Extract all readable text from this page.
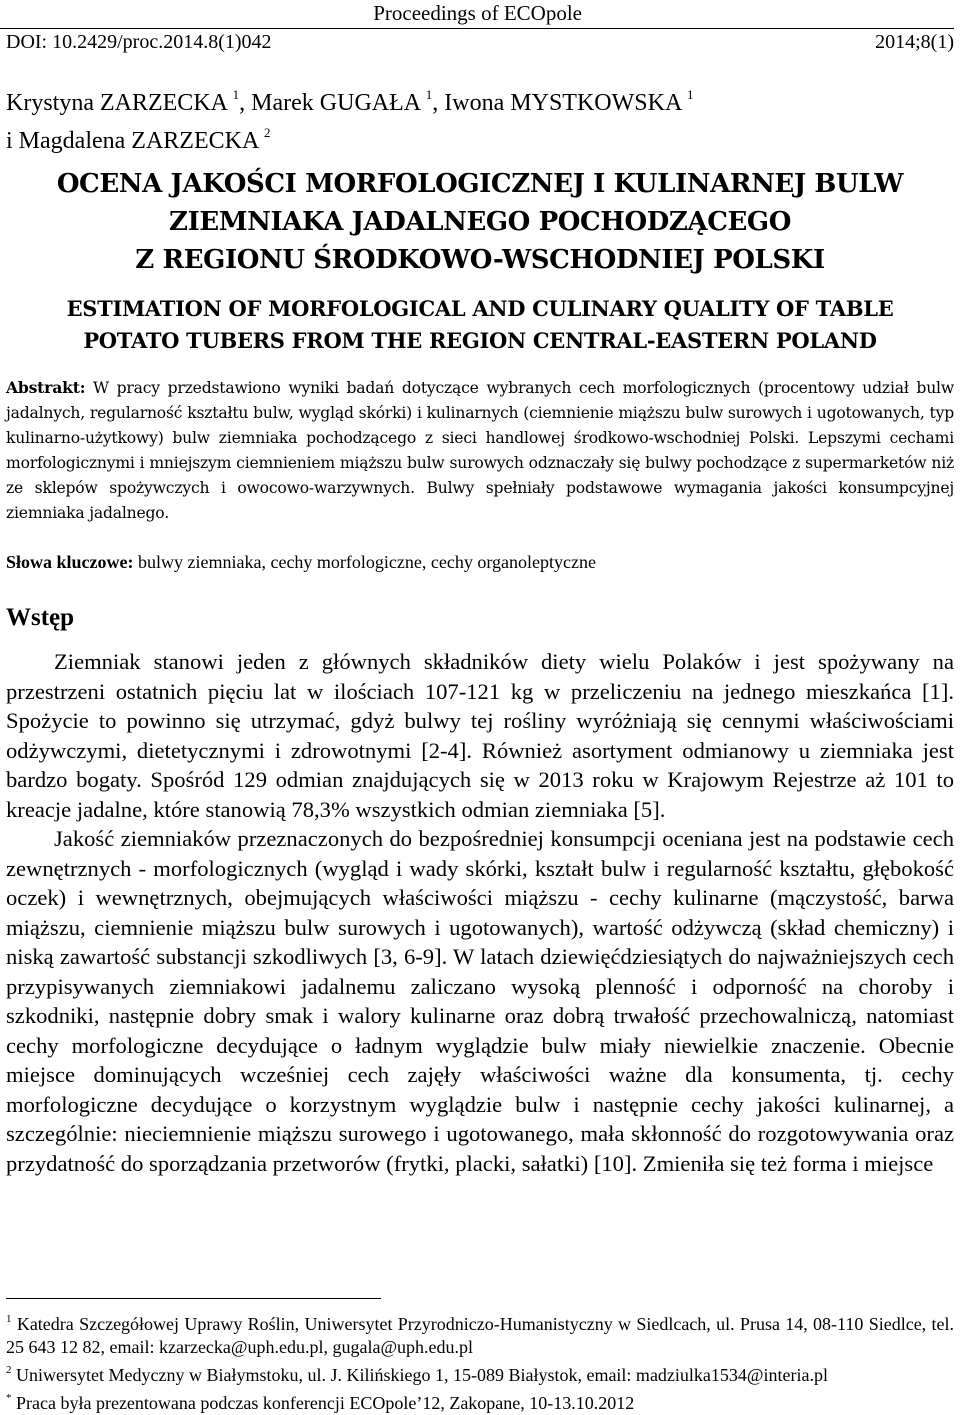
Proceedings of ECOpole
DOI: 10.2429/proc.2014.8(1)042	2014;8(1)
Krystyna ZARZECKA $^1$, Marek GUGAŁA $^1$, Iwona MYSTKOWSKA $^1$
i Magdalena ZARZECKA $^2$
OCENA JAKOŚCI MORFOLOGICZNEJ I KULINARNEJ BULW
ZIEMNIAKA JADALNEGO POCHODZĄCEGO
Z REGIONU ŚRODKOWO-WSCHODNIEJ POLSKI
ESTIMATION OF MORFOLOGICAL AND CULINARY QUALITY OF TABLE
POTATO TUBERS FROM THE REGION CENTRAL-EASTERN POLAND
Abstrakt: W pracy przedstawiono wyniki badań dotyczące wybranych cech morfologicznych (procentowy udział bulw jadalnych, regularność kształtu bulw, wygląd skórki) i kulinarnych (ciemnienie miąższu bulw surowych i ugotowanych, typ kulinarno-użytkowy) bulw ziemniaka pochodzącego z sieci handlowej środkowo-wschodniej Polski. Lepszymi cechami morfologicznymi i mniejszym ciemnieniem miąższu bulw surowych odznaczały się bulwy pochodzące z supermarketów niż ze sklepów spożywczych i owocowo-warzywnych. Bulwy spełniały podstawowe wymagania jakości konsumpcyjnej ziemniaka jadalnego.
Słowa kluczowe: bulwy ziemniaka, cechy morfologiczne, cechy organoleptyczne
Wstęp

Ziemniak stanowi jeden z głównych składników diety wielu Polaków i jest spożywany na przestrzeni ostatnich pięciu lat w ilościach 107-121 kg w przeliczeniu na jednego mieszkańca [1]. Spożycie to powinno się utrzymać, gdyż bulwy tej rośliny wyróżniają się cennymi właściwościami odżywczymi, dietetycznymi i zdrowotnymi [2-4]. Również asortyment odmianowy u ziemniaka jest bardzo bogaty. Spośród 129 odmian znajdujących się w 2013 roku w Krajowym Rejestrze aż 101 to kreacje jadalne, które stanowią 78,3% wszystkich odmian ziemniaka [5].

Jakość ziemniaków przeznaczonych do bezpośredniej konsumpcji oceniana jest na podstawie cech zewnętrznych - morfologicznych (wygląd i wady skórki, kształt bulw i regularność kształtu, głębokość oczek) i wewnętrznych, obejmujących właściwości miąższu - cechy kulinarne (mączystość, barwa miąższu, ciemnienie miąższu bulw surowych i ugotowanych), wartość odżywczą (skład chemiczny) i niską zawartość substancji szkodliwych [3, 6-9]. W latach dziewięćdziesiątych do najważniejszych cech przypisywanych ziemniakowi jadalnemu zaliczano wysoką plenność i odporność na choroby i szkodniki, następnie dobry smak i walory kulinarne oraz dobrą trwałość przechowalniczą, natomiast cechy morfologiczne decydujące o ładnym wyglądzie bulw miały niewielkie znaczenie. Obecnie miejsce dominujących wcześniej cech zajęły właściwości ważne dla konsumenta, tj. cechy morfologiczne decydujące o korzystnym wyglądzie bulw i następnie cechy jakości kulinarnej, a szczególnie: nieciemnienie miąższu surowego i ugotowanego, mała skłonność do rozgotowywania oraz przydatność do sporządzania przetworów (frytki, placki, sałatki) [10]. Zmieniła się też forma i miejsce

$^1$ Katedra Szczegółowej Uprawy Roślin, Uniwersytet Przyrodniczo-Humanistyczny w Siedlcach, ul. Prusa 14, 08-110 Siedlce, tel. 25 643 12 82, email: kzarzecka@uph.edu.pl, gugala@uph.edu.pl
$^2$ Uniwersytet Medyczny w Białymstoku, ul. J. Kilińskiego 1, 15-089 Białystok, email: madziulka1534@interia.pl
* Praca była prezentowana podczas konferencji ECOpole’12, Zakopane, 10-13.10.2012
